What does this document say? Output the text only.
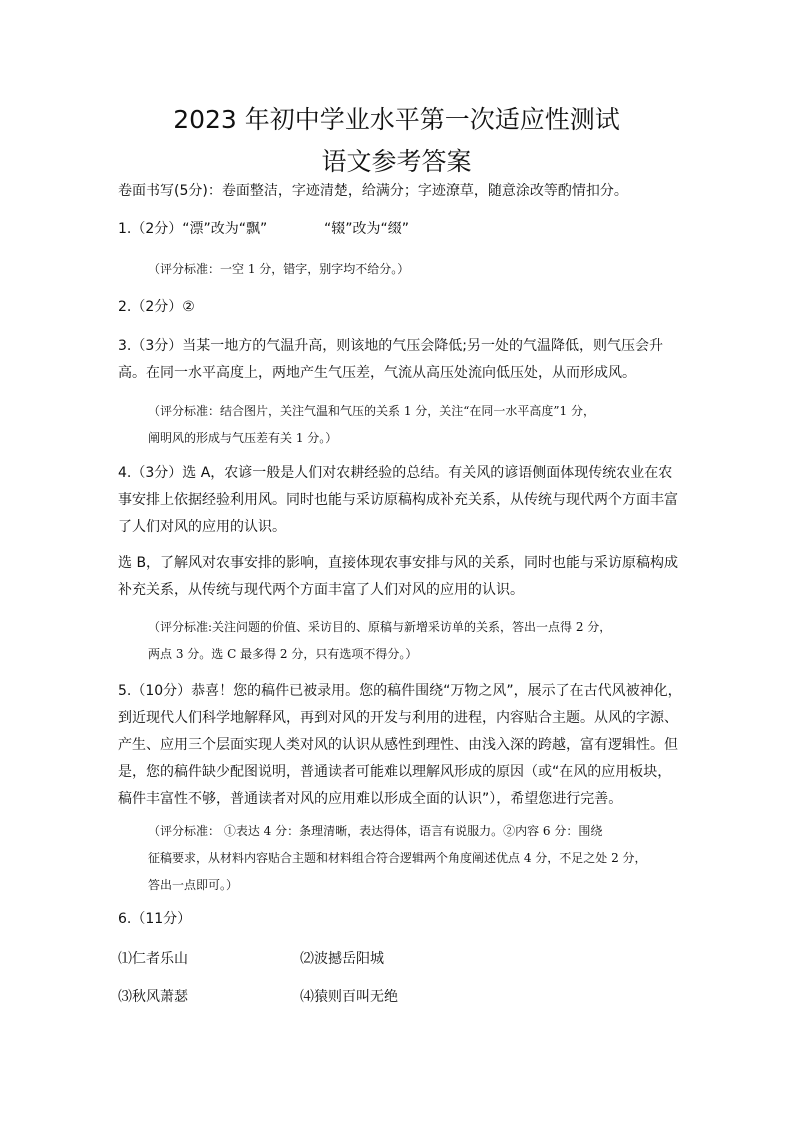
2023 年初中学业水平第一次适应性测试
语文参考答案
卷面书写(5分)：卷面整洁，字迹清楚，给满分；字迹潦草，随意涂改等酌情扣分。
1.（2分）“漂”改为“飘”	“辍”改为“缀”
（评分标准：一空 1 分，错字，别字均不给分。）
2.（2分）②
3.（3分）当某一地方的气温升高，则该地的气压会降低;另一处的气温降低，则气压会升
高。在同一水平高度上，两地产生气压差，气流从高压处流向低压处，从而形成风。
（评分标准：结合图片，关注气温和气压的关系 1 分，关注“在同一水平高度”1 分，
阐明风的形成与气压差有关 1 分。）
4.（3分）选 A，农谚一般是人们对农耕经验的总结。有关风的谚语侧面体现传统农业在农
事安排上依据经验利用风。同时也能与采访原稿构成补充关系，从传统与现代两个方面丰富
了人们对风的应用的认识。
选 B，了解风对农事安排的影响，直接体现农事安排与风的关系，同时也能与采访原稿构成
补充关系，从传统与现代两个方面丰富了人们对风的应用的认识。
（评分标准:关注问题的价值、采访目的、原稿与新增采访单的关系，答出一点得 2 分，
两点 3 分。选 C 最多得 2 分，只有选项不得分。）
5.（10分）恭喜！您的稿件已被录用。您的稿件围绕“万物之风”，展示了在古代风被神化，
到近现代人们科学地解释风，再到对风的开发与利用的进程，内容贴合主题。从风的字源、
产生、应用三个层面实现人类对风的认识从感性到理性、由浅入深的跨越，富有逻辑性。但
是，您的稿件缺少配图说明，普通读者可能难以理解风形成的原因（或“在风的应用板块，
稿件丰富性不够，普通读者对风的应用难以形成全面的认识”），希望您进行完善。
（评分标准： ①表达 4 分：条理清晰，表达得体，语言有说服力。②内容 6 分：围绕
征稿要求，从材料内容贴合主题和材料组合符合逻辑两个角度阐述优点 4 分，不足之处 2 分，
答出一点即可。）
6.（11分）
⑴仁者乐山	⑵波撼岳阳城
⑶秋风萧瑟	⑷猿则百叫无绝
